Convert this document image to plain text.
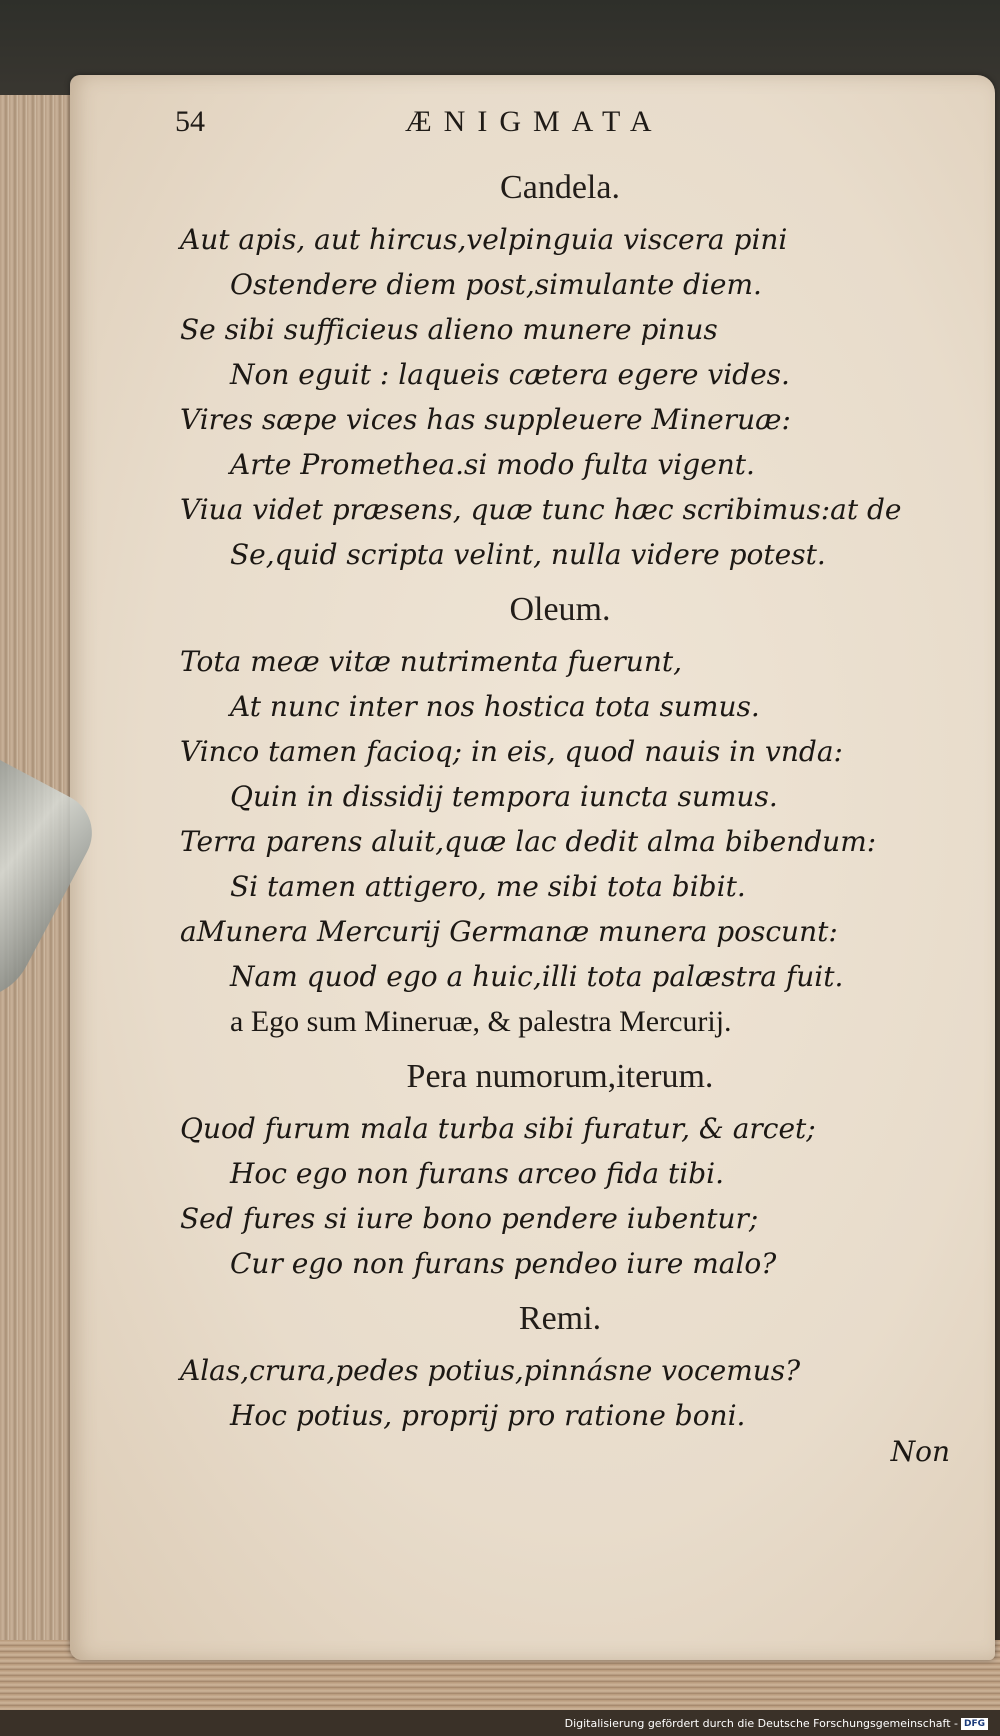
54	ÆNIGMATA
Candela.
Aut apis, aut hircus,velpinguia viscera pini
Ostendere diem post,simulante diem.
Se sibi sufficieus alieno munere pinus
Non eguit : laqueis cætera egere vides.
Vires sæpe vices has suppleuere Mineruæ:
Arte Promethea.si modo fulta vigent.
Viua videt præsens, quæ tunc hæc scribimus:at de
Se,quid scripta velint, nulla videre potest.
Oleum.
Tota meæ vitæ nutrimenta fuerunt,
At nunc inter nos hostica tota sumus.
Vinco tamen facioq; in eis, quod nauis in vnda:
Quin in dissidij tempora iuncta sumus.
Terra parens aluit,quæ lac dedit alma bibendum:
Si tamen attigero, me sibi tota bibit.
aMunera Mercurij Germanæ munera poscunt:
Nam quod ego a huic,illi tota palæstra fuit.
a Ego sum Mineruæ, & palestra Mercurij.
Pera numorum,iterum.
Quod furum mala turba sibi furatur, & arcet;
Hoc ego non furans arceo fida tibi.
Sed fures si iure bono pendere iubentur;
Cur ego non furans pendeo iure malo?
Remi.
Alas,crura,pedes potius,pinnásne vocemus?
Hoc potius, proprij pro ratione boni.
Non
Digitalisierung gefördert durch die Deutsche Forschungsgemeinschaft - DFG
